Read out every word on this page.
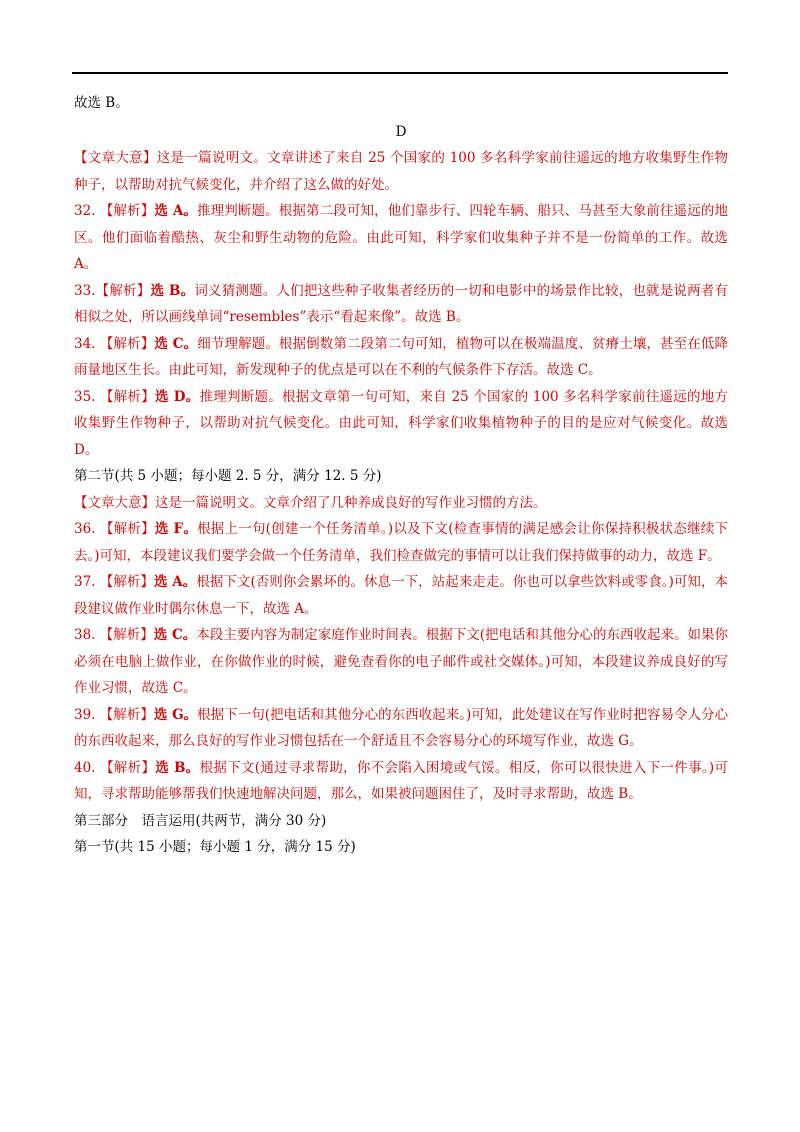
故选 B。

D

【文章大意】这是一篇说明文。文章讲述了来自 25 个国家的 100 多名科学家前往遥远的地方收集野生作物种子，以帮助对抗气候变化，并介绍了这么做的好处。

32. 【解析】选 A。推理判断题。根据第二段可知，他们靠步行、四轮车辆、船只、马甚至大象前往遥远的地区。他们面临着酷热、灰尘和野生动物的危险。由此可知，科学家们收集种子并不是一份简单的工作。故选 A。

33.【解析】选 B。词义猜测题。人们把这些种子收集者经历的一切和电影中的场景作比较，也就是说两者有相似之处，所以画线单词“resembles”表示“看起来像”。故选 B。

34. 【解析】选 C。细节理解题。根据倒数第二段第二句可知，植物可以在极端温度、贫瘠土壤，甚至在低降雨量地区生长。由此可知，新发现种子的优点是可以在不利的气候条件下存活。故选 C。

35. 【解析】选 D。推理判断题。根据文章第一句可知，来自 25 个国家的 100 多名科学家前往遥远的地方收集野生作物种子，以帮助对抗气候变化。由此可知，科学家们收集植物种子的目的是应对气候变化。故选 D。

第二节(共 5 小题；每小题 2. 5 分，满分 12. 5 分)

【文章大意】这是一篇说明文。文章介绍了几种养成良好的写作业习惯的方法。

36. 【解析】选 F。根据上一句(创建一个任务清单。)以及下文(检查事情的满足感会让你保持积极状态继续下去。)可知，本段建议我们要学会做一个任务清单，我们检查做完的事情可以让我们保持做事的动力，故选 F。

37. 【解析】选 A。根据下文(否则你会累坏的。休息一下，站起来走走。你也可以拿些饮料或零食。)可知，本段建议做作业时偶尔休息一下，故选 A。

38. 【解析】选 C。本段主要内容为制定家庭作业时间表。根据下文(把电话和其他分心的东西收起来。如果你必须在电脑上做作业，在你做作业的时候，避免查看你的电子邮件或社交媒体。)可知，本段建议养成良好的写作业习惯，故选 C。

39. 【解析】选 G。根据下一句(把电话和其他分心的东西收起来。)可知，此处建议在写作业时把容易令人分心的东西收起来，那么良好的写作业习惯包括在一个舒适且不会容易分心的环境写作业，故选 G。

40. 【解析】选 B。根据下文(通过寻求帮助，你不会陷入困境或气馁。相反，你可以很快进入下一件事。)可知，寻求帮助能够帮我们快速地解决问题，那么，如果被问题困住了，及时寻求帮助，故选 B。

第三部分　语言运用(共两节，满分 30 分)

第一节(共 15 小题；每小题 1 分，满分 15 分)
